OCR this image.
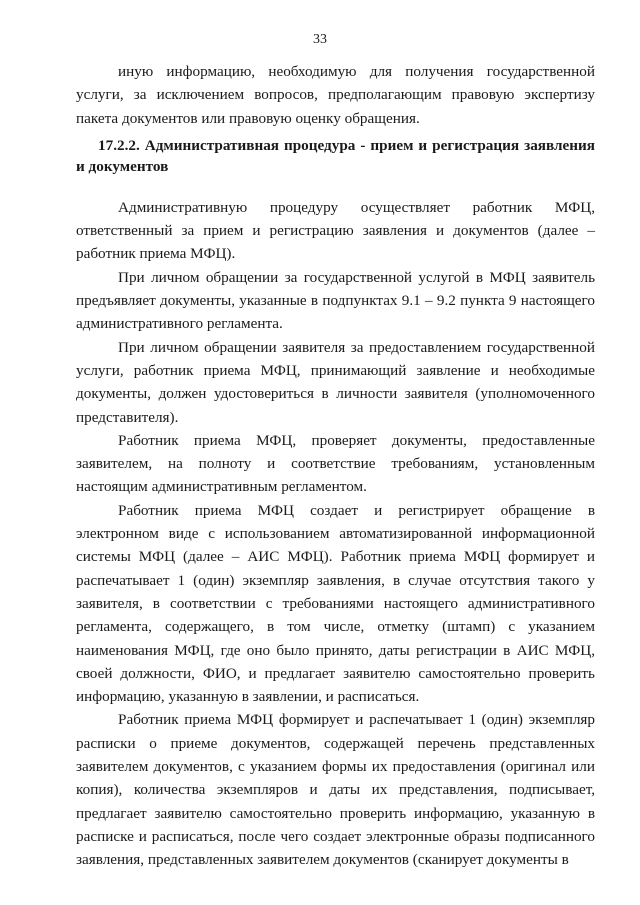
33

иную информацию, необходимую для получения государственной услуги, за исключением вопросов, предполагающим правовую экспертизу пакета документов или правовую оценку обращения.

17.2.2. Административная процедура - прием и регистрация заявления и документов

Административную процедуру осуществляет работник МФЦ, ответственный за прием и регистрацию заявления и документов (далее – работник приема МФЦ).

При личном обращении за государственной услугой в МФЦ заявитель предъявляет документы, указанные в подпунктах 9.1 – 9.2 пункта 9 настоящего административного регламента.

При личном обращении заявителя за предоставлением государственной услуги, работник приема МФЦ, принимающий заявление и необходимые документы, должен удостовериться в личности заявителя (уполномоченного представителя).

Работник приема МФЦ, проверяет документы, предоставленные заявителем, на полноту и соответствие требованиям, установленным настоящим административным регламентом.

Работник приема МФЦ создает и регистрирует обращение в электронном виде с использованием автоматизированной информационной системы МФЦ (далее – АИС МФЦ). Работник приема МФЦ формирует и распечатывает 1 (один) экземпляр заявления, в случае отсутствия такого у заявителя, в соответствии с требованиями настоящего административного регламента, содержащего, в том числе, отметку (штамп) с указанием наименования МФЦ, где оно было принято, даты регистрации в АИС МФЦ, своей должности, ФИО, и предлагает заявителю самостоятельно проверить информацию, указанную в заявлении, и расписаться.

Работник приема МФЦ формирует и распечатывает 1 (один) экземпляр расписки о приеме документов, содержащей перечень представленных заявителем документов, с указанием формы их предоставления (оригинал или копия), количества экземпляров и даты их представления, подписывает, предлагает заявителю самостоятельно проверить информацию, указанную в расписке и расписаться, после чего создает электронные образы подписанного заявления, представленных заявителем документов (сканирует документы в
